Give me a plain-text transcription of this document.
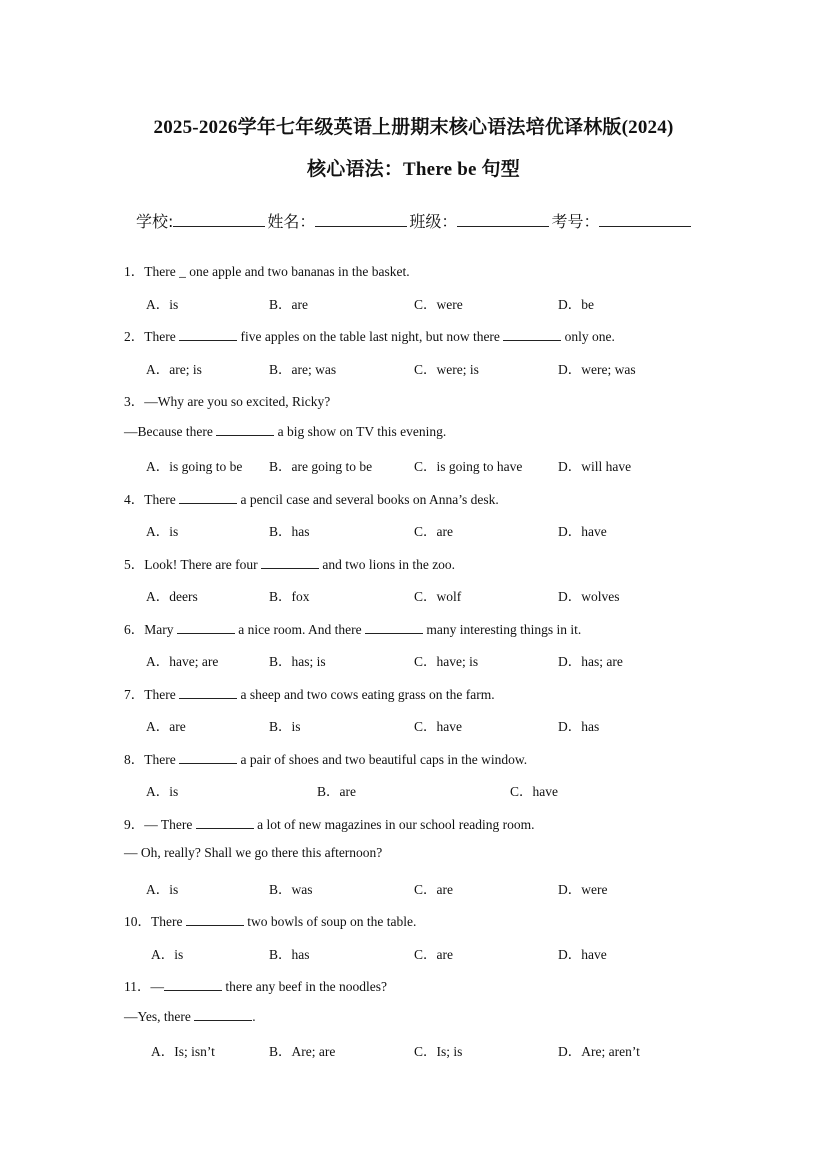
2025-2026学年七年级英语上册期末核心语法培优译林版(2024)
核心语法：There be 句型
学校:	姓名：	班级：	考号：
1．There _ one apple and two bananas in the basket.
A．is	B．are	C．were	D．be
2．There	five apples on the table last night, but now there	only one.
A．are; is	B．are; was	C．were; is	D．were; was
3．—Why are you so excited, Ricky?
—Because there	a big show on TV this evening.
A．is going to be B．are going to be	C．is going to have	D．will have
4．There	a pencil case and several books on Anna’s desk.
A．is	B．has	C．are	D．have
5．Look! There are four	and two lions in the zoo.
A．deers	B．fox	C．wolf	D．wolves
6．Mary	a nice room. And there	many interesting things in it.
A．have; are	B．has; is	C．have; is	D．has; are
7．There	a sheep and two cows eating grass on the farm.
A．are	B．is	C．have	D．has
8．There	a pair of shoes and two beautiful caps in the window.
A．is	B．are	C．have
9．— There	a lot of new magazines in our school reading room.
— Oh, really? Shall we go there this afternoon?
A．is	B．was	C．are	D．were
10．There	two bowls of soup on the table.
A．is	B．has	C．are	D．have
11．—	there any beef in the noodles?
—Yes, there	.
A．Is; isn’t	B．Are; are	C．Is; is	D．Are; aren’t
